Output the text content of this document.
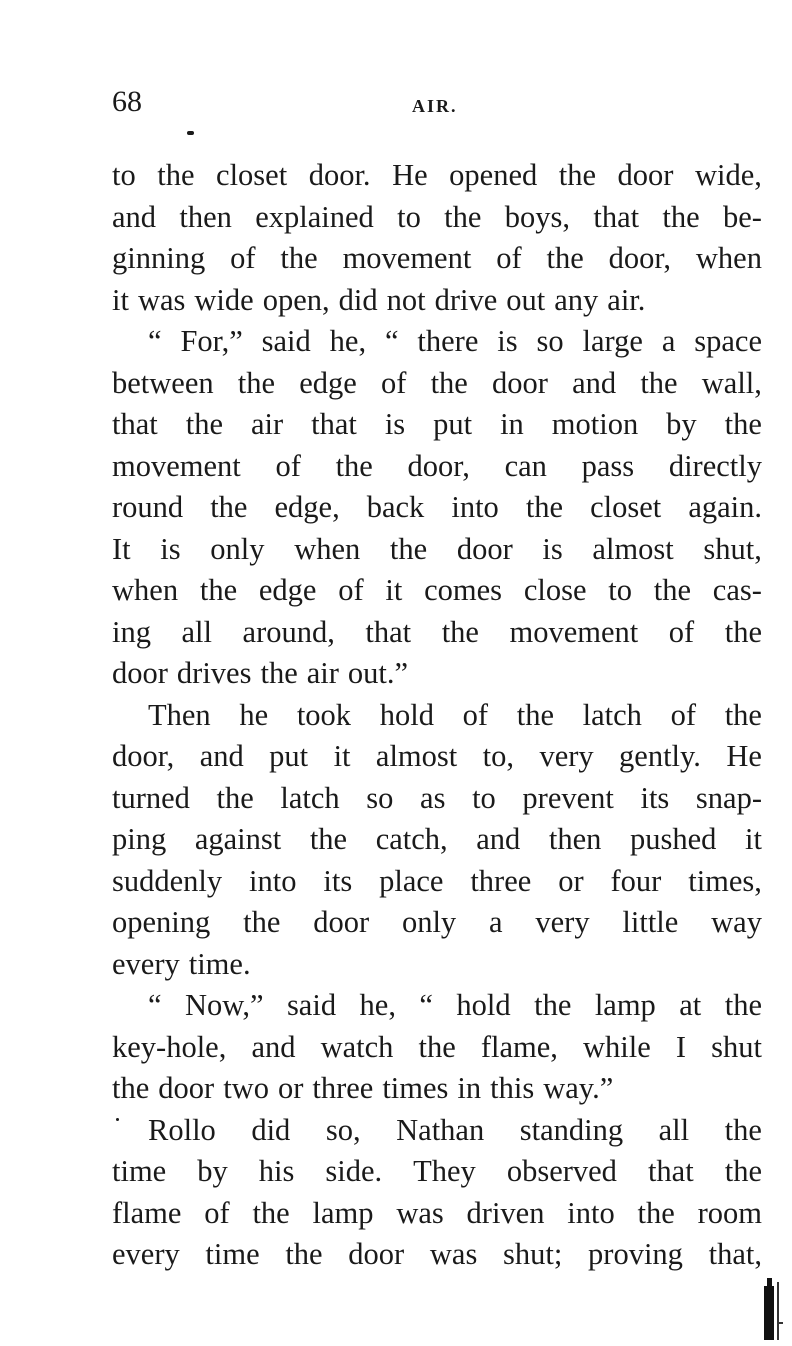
68	AIR.
to the closet door. He opened the door wide,
and then explained to the boys, that the be-
ginning of the movement of the door, when
it was wide open, did not drive out any air.
“ For,” said he, “ there is so large a space
between the edge of the door and the wall,
that the air that is put in motion by the
movement of the door, can pass directly
round the edge, back into the closet again.
It is only when the door is almost shut,
when the edge of it comes close to the cas-
ing all around, that the movement of the
door drives the air out.”
Then he took hold of the latch of the
door, and put it almost to, very gently. He
turned the latch so as to prevent its snap-
ping against the catch, and then pushed it
suddenly into its place three or four times,
opening the door only a very little way
every time.
“ Now,” said he, “ hold the lamp at the
key-hole, and watch the flame, while I shut
the door two or three times in this way.”
Rollo did so, Nathan standing all the
time by his side. They observed that the
flame of the lamp was driven into the room
every time the door was shut; proving that,
